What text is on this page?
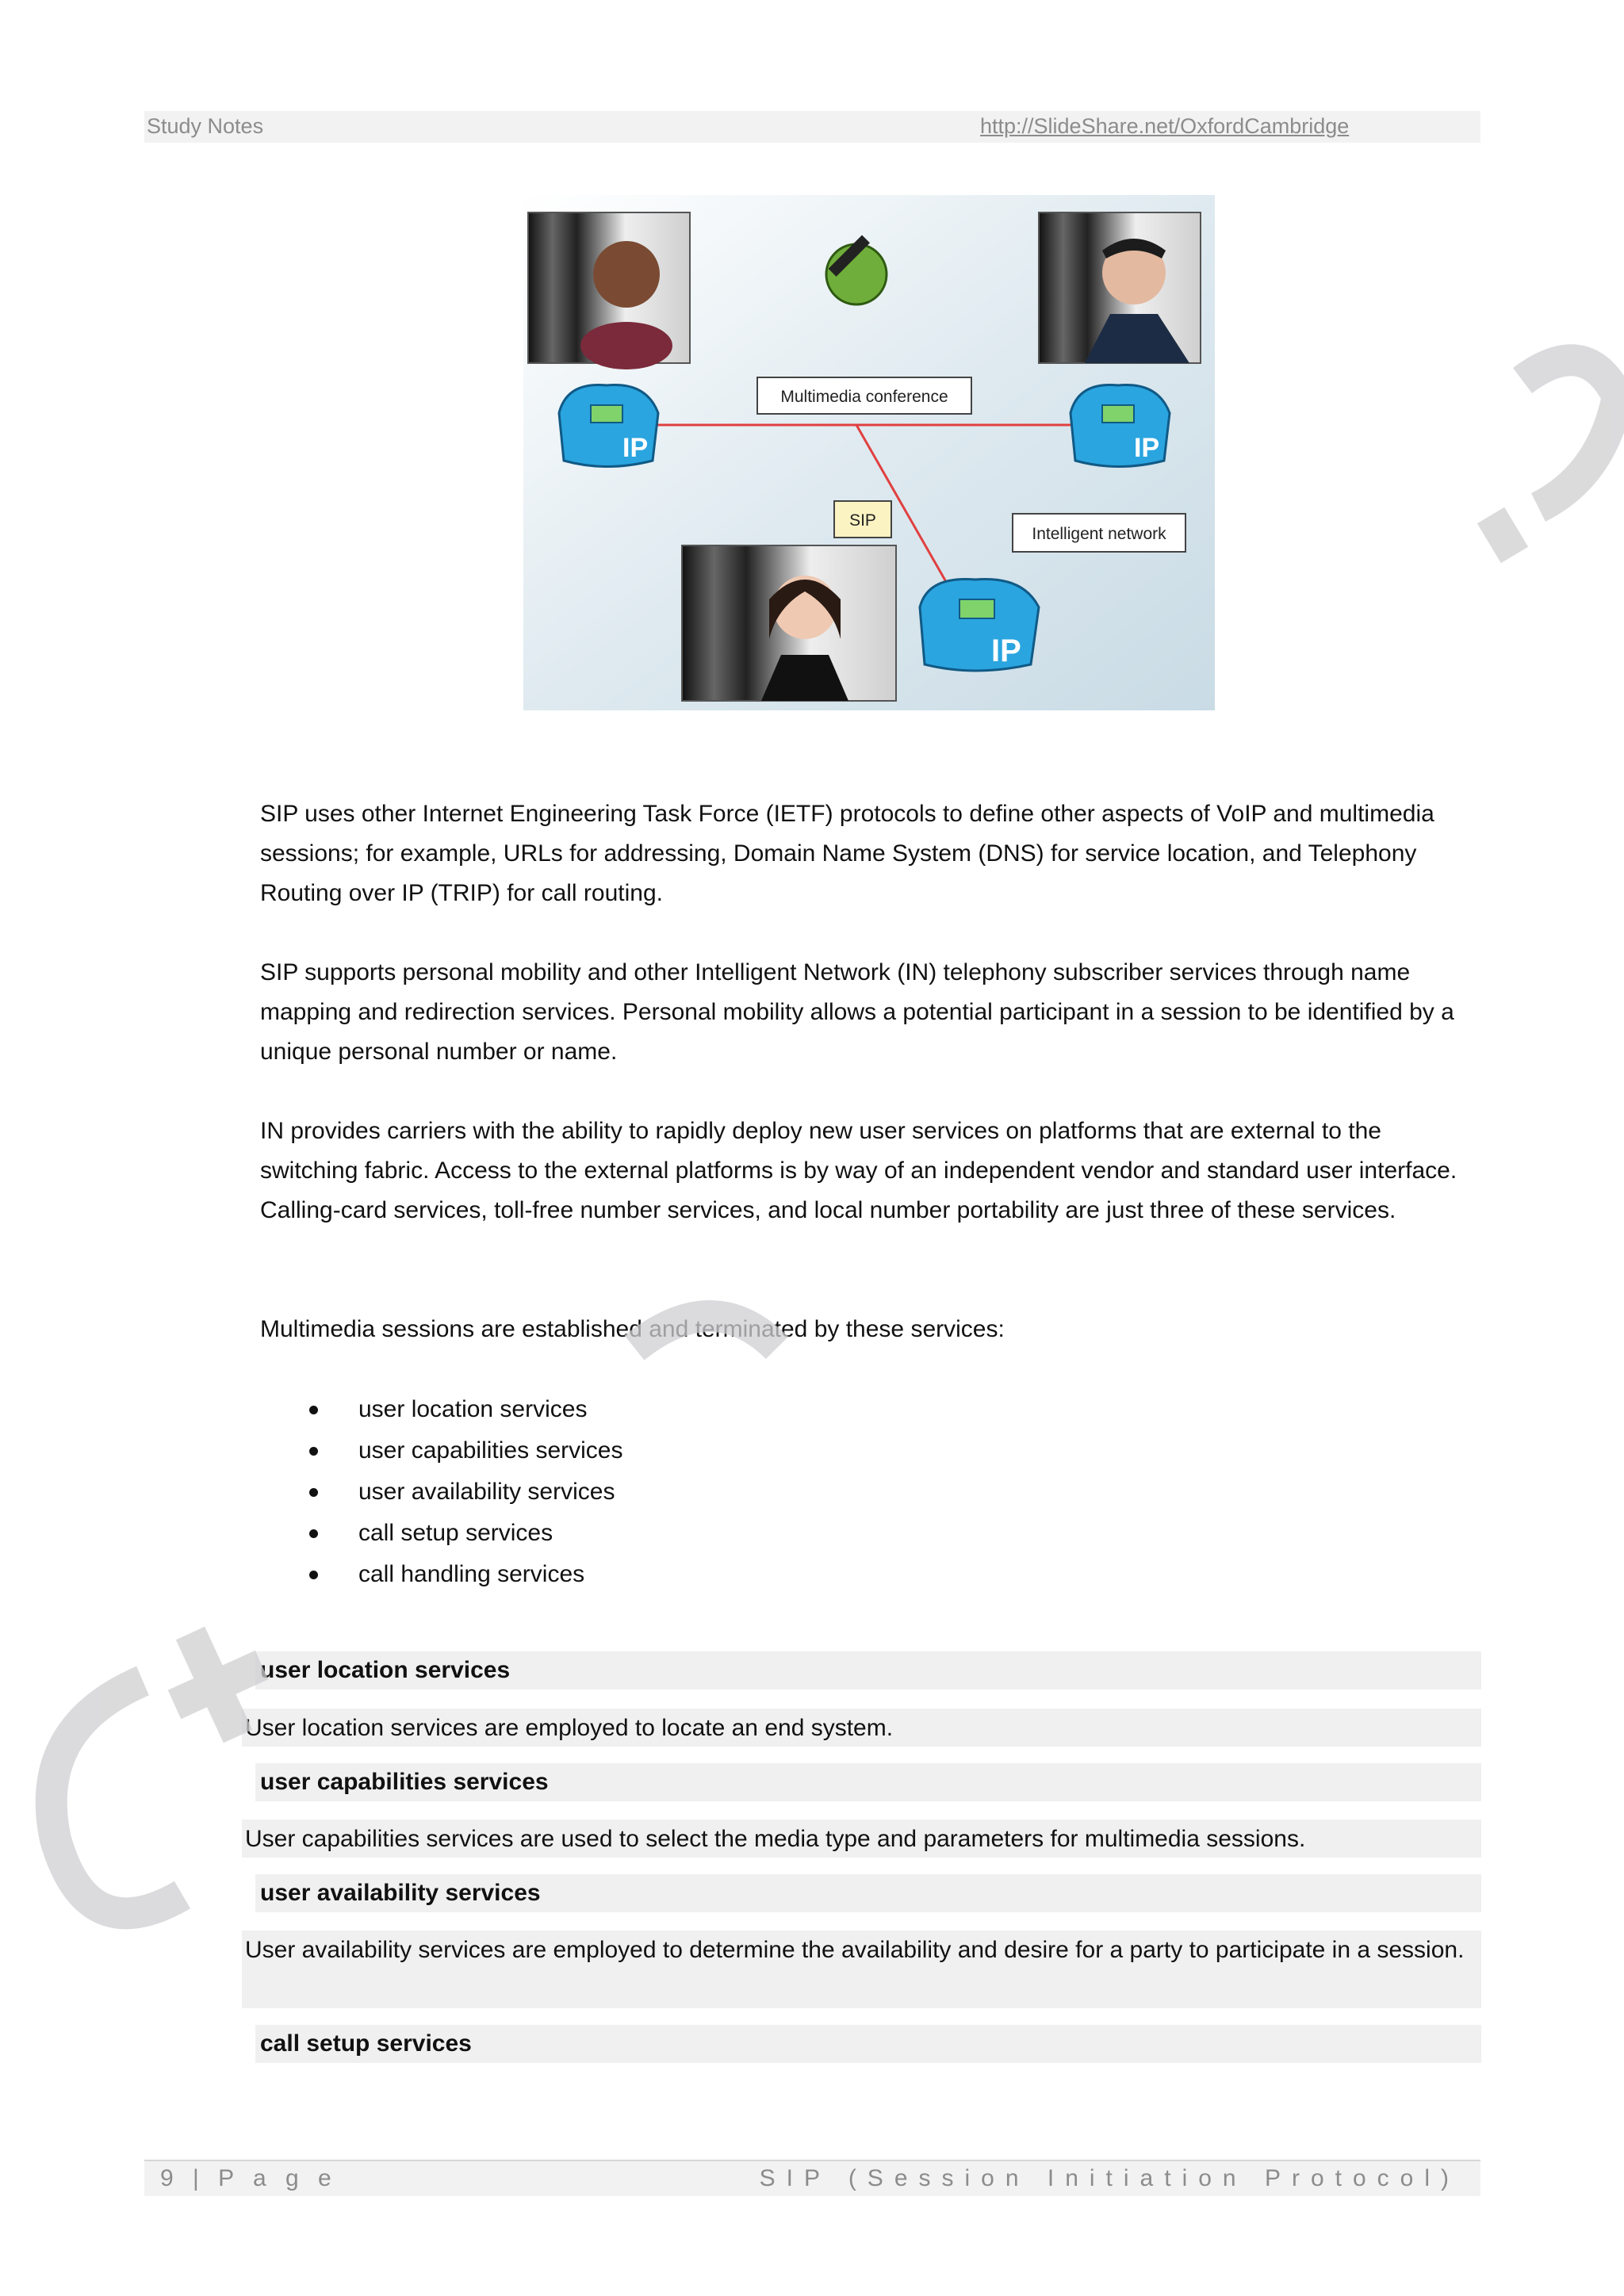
Study Notes	http://SlideShare.net/OxfordCambridge
Multimedia conference
SIP
Intelligent network
IP	IP
IP
SIP uses other Internet Engineering Task Force (IETF) protocols to define other aspects of VoIP and multimedia sessions; for example, URLs for addressing, Domain Name System (DNS) for service location, and Telephony Routing over IP (TRIP) for call routing.
SIP supports personal mobility and other Intelligent Network (IN) telephony subscriber services through name mapping and redirection services. Personal mobility allows a potential participant in a session to be identified by a unique personal number or name.
IN provides carriers with the ability to rapidly deploy new user services on platforms that are external to the switching fabric. Access to the external platforms is by way of an independent vendor and standard user interface. Calling-card services, toll-free number services, and local number portability are just three of these services.
Multimedia sessions are established and terminated by these services:
user location services
user capabilities services
user availability services
call setup services
call handling services
user location services
User location services are employed to locate an end system.
user capabilities services
User capabilities services are used to select the media type and parameters for multimedia sessions.
user availability services
User availability services are employed to determine the availability and desire for a party to participate in a session.
call setup services
9 | P a g e	SIP (Session Initiation Protocol)
